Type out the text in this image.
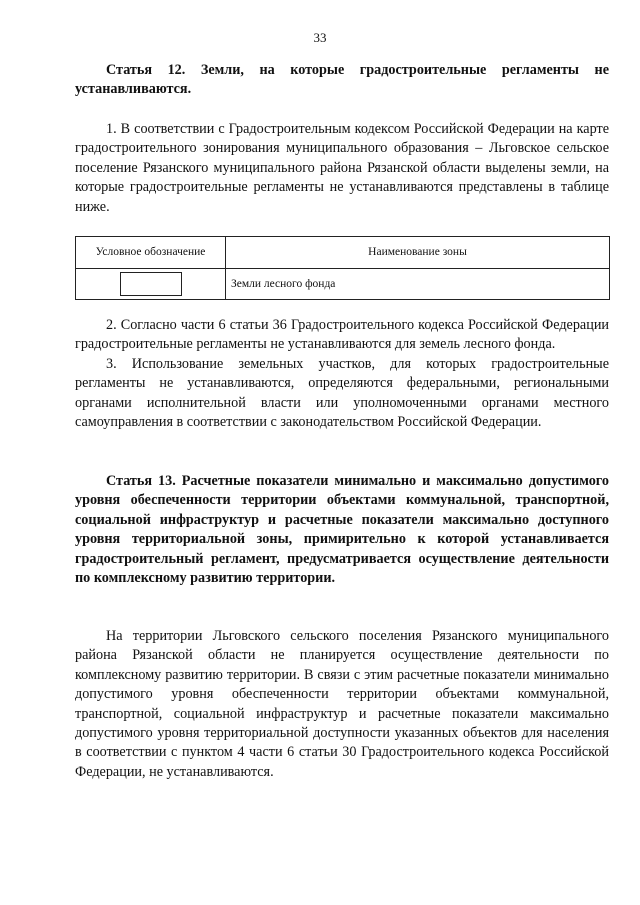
33
Статья 12. Земли, на которые градостроительные регламенты не устанавливаются.
1. В соответствии с Градостроительным кодексом Российской Федерации на карте градостроительного зонирования муниципального образования – Льговское сельское поселение Рязанского муниципального района Рязанской области выделены земли, на которые градостроительные регламенты не устанавливаются представлены в таблице ниже.
Условное обозначение	Наименование зоны
	Земли лесного фонда
2. Согласно части 6 статьи 36 Градостроительного кодекса Российской Федерации градостроительные регламенты не устанавливаются для земель лесного фонда.
3. Использование земельных участков, для которых градостроительные регламенты не устанавливаются, определяются федеральными, региональными органами исполнительной власти или уполномоченными органами местного самоуправления в соответствии с законодательством Российской Федерации.
Статья 13. Расчетные показатели минимально и максимально допустимого уровня обеспеченности территории объектами коммунальной, транспортной, социальной инфраструктур и расчетные показатели максимально доступного уровня территориальной зоны, примирительно к которой устанавливается градостроительный регламент, предусматривается осуществление деятельности по комплексному развитию территории.
На территории Льговского сельского поселения Рязанского муниципального района Рязанской области не планируется осуществление деятельности по комплексному развитию территории. В связи с этим расчетные показатели минимально допустимого уровня обеспеченности территории объектами коммунальной, транспортной, социальной инфраструктур и расчетные показатели максимально допустимого уровня территориальной доступности указанных объектов для населения в соответствии с пунктом 4 части 6 статьи 30 Градостроительного кодекса Российской Федерации, не устанавливаются.
